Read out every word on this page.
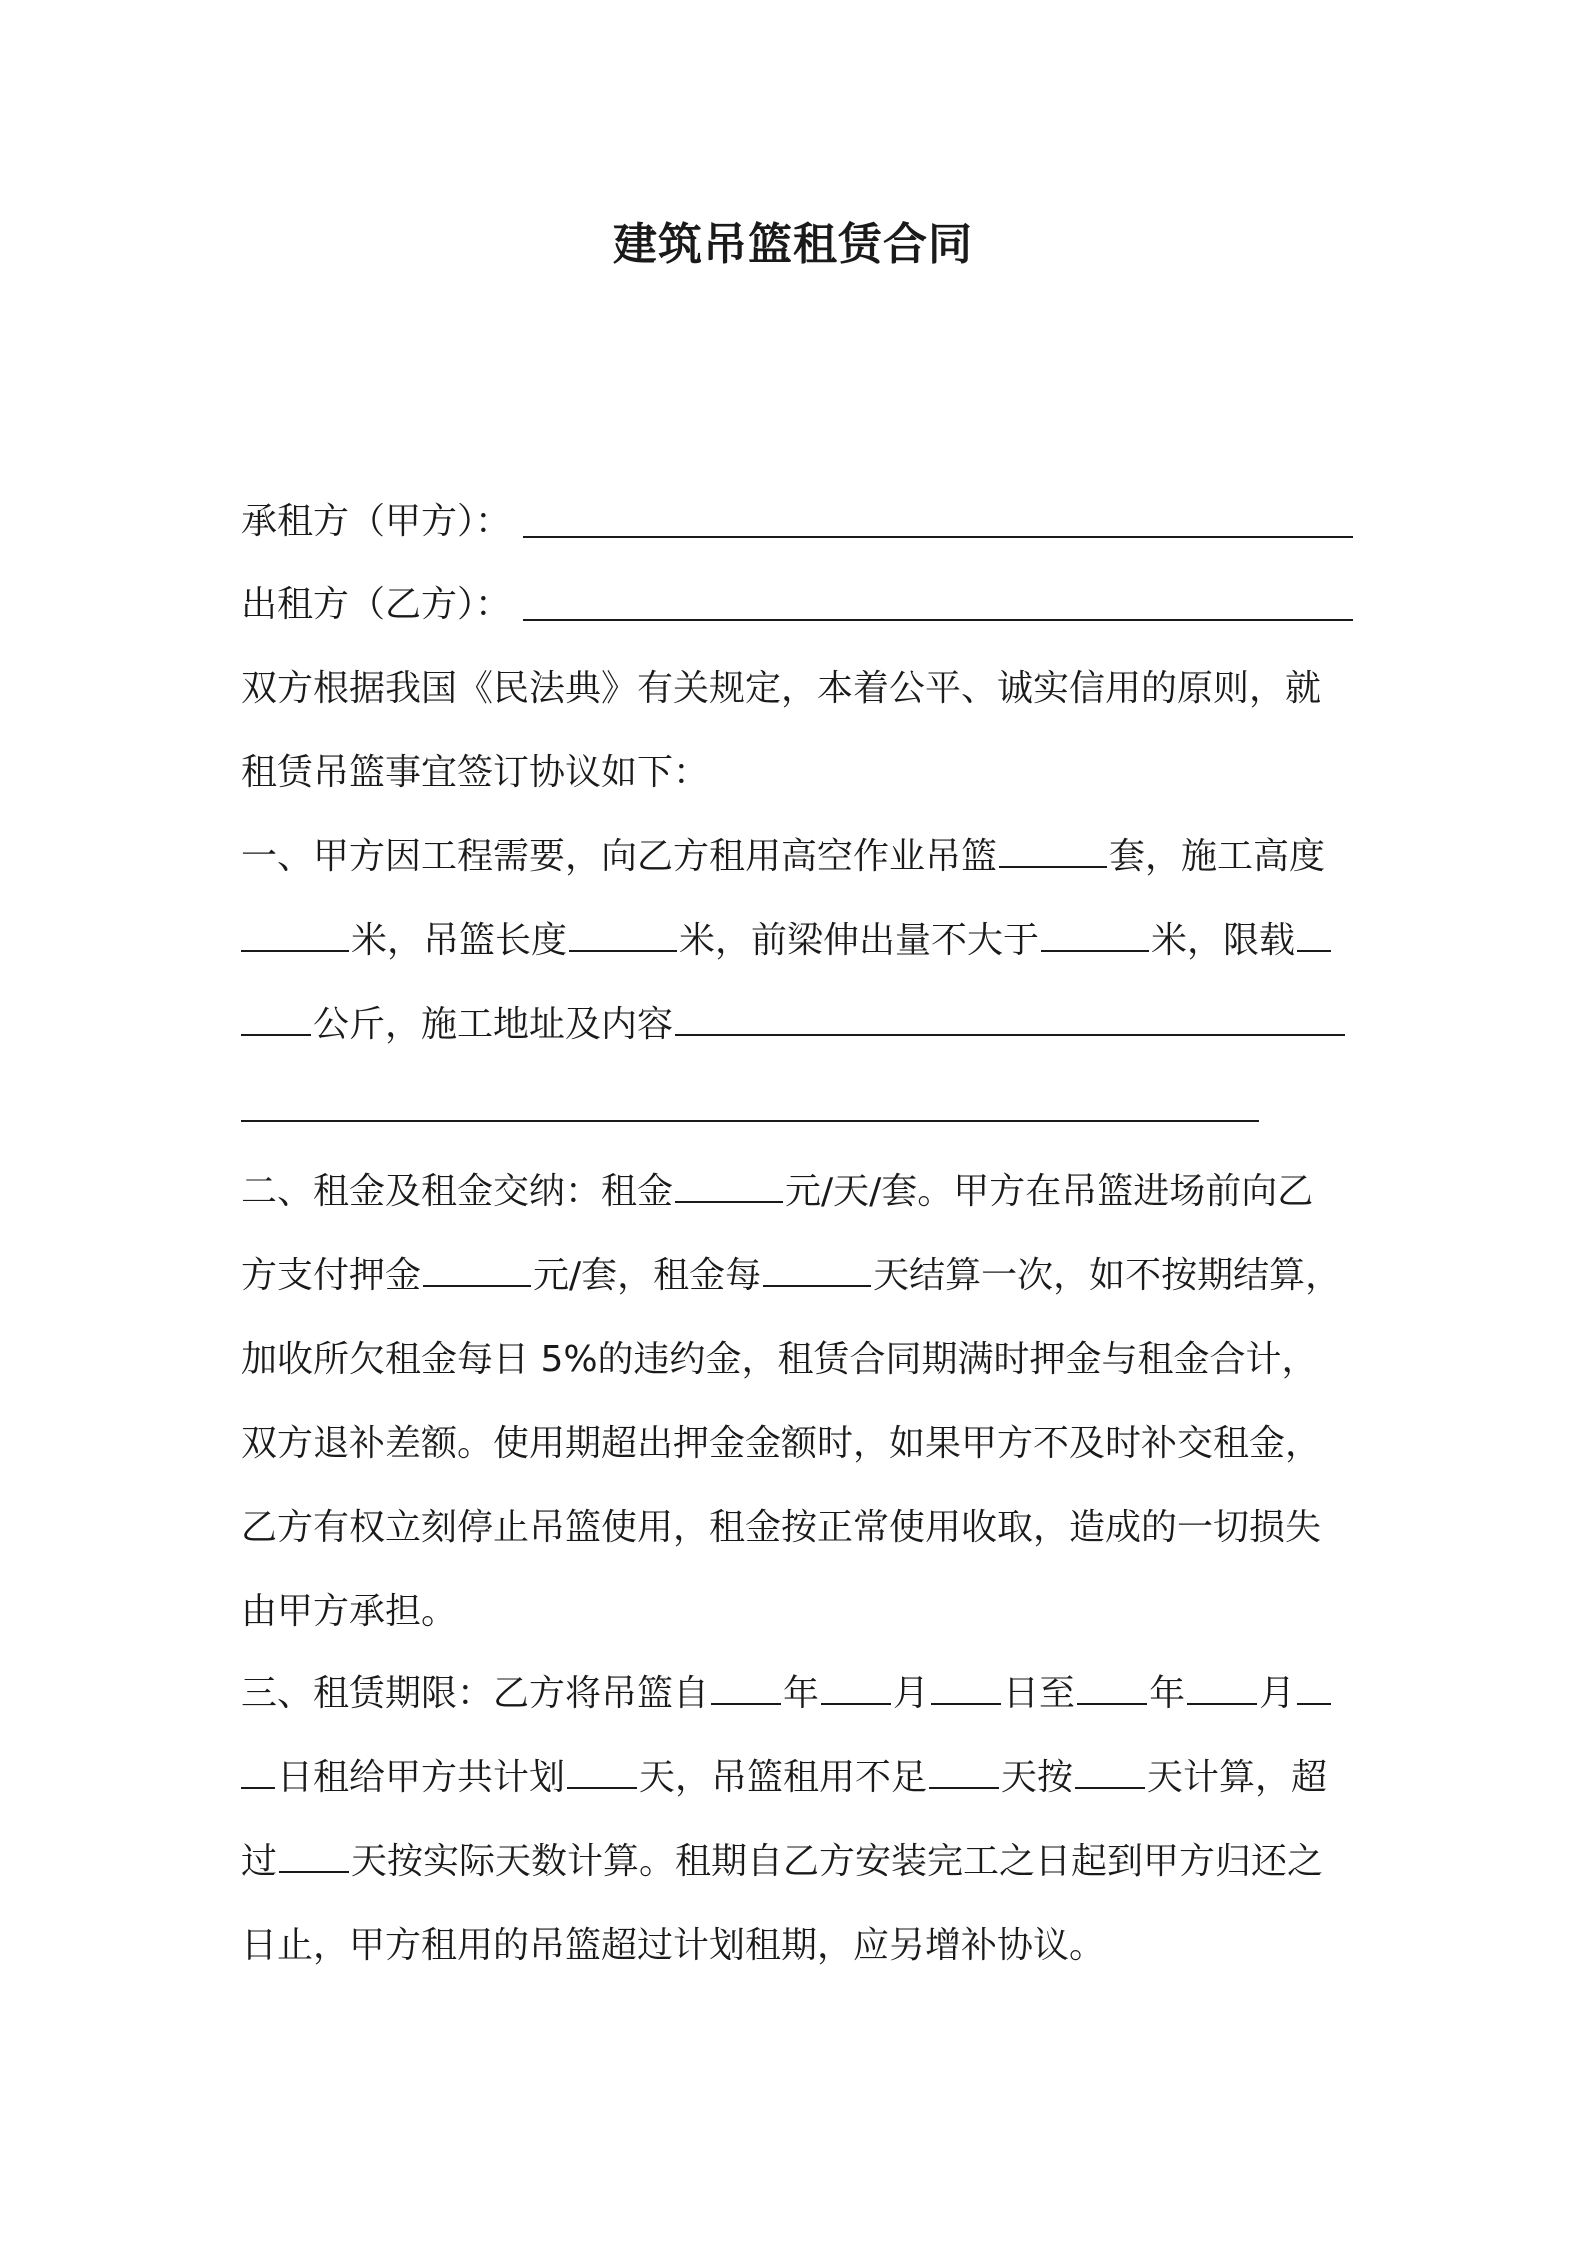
建筑吊篮租赁合同
承租方（甲方）：
出租方（乙方）：
双方根据我国《民法典》有关规定，本着公平、诚实信用的原则，就
租赁吊篮事宜签订协议如下：
一、甲方因工程需要，向乙方租用高空作业吊篮	套，施工高度
米，吊篮长度	米，前梁伸出量不大于	米，限载
公斤，施工地址及内容
二、租金及租金交纳：租金	元/天/套。甲方在吊篮进场前向乙
方支付押金	元/套，租金每	天结算一次，如不按期结算，
加收所欠租金每日 5%的违约金，租赁合同期满时押金与租金合计，
双方退补差额。使用期超出押金金额时，如果甲方不及时补交租金，
乙方有权立刻停止吊篮使用，租金按正常使用收取，造成的一切损失
由甲方承担。
三、租赁期限：乙方将吊篮自 年 月 日至 年 月
日租给甲方共计划 天，吊篮租用不足 天按 天计算，超
过 天按实际天数计算。租期自乙方安装完工之日起到甲方归还之
日止，甲方租用的吊篮超过计划租期，应另增补协议。
